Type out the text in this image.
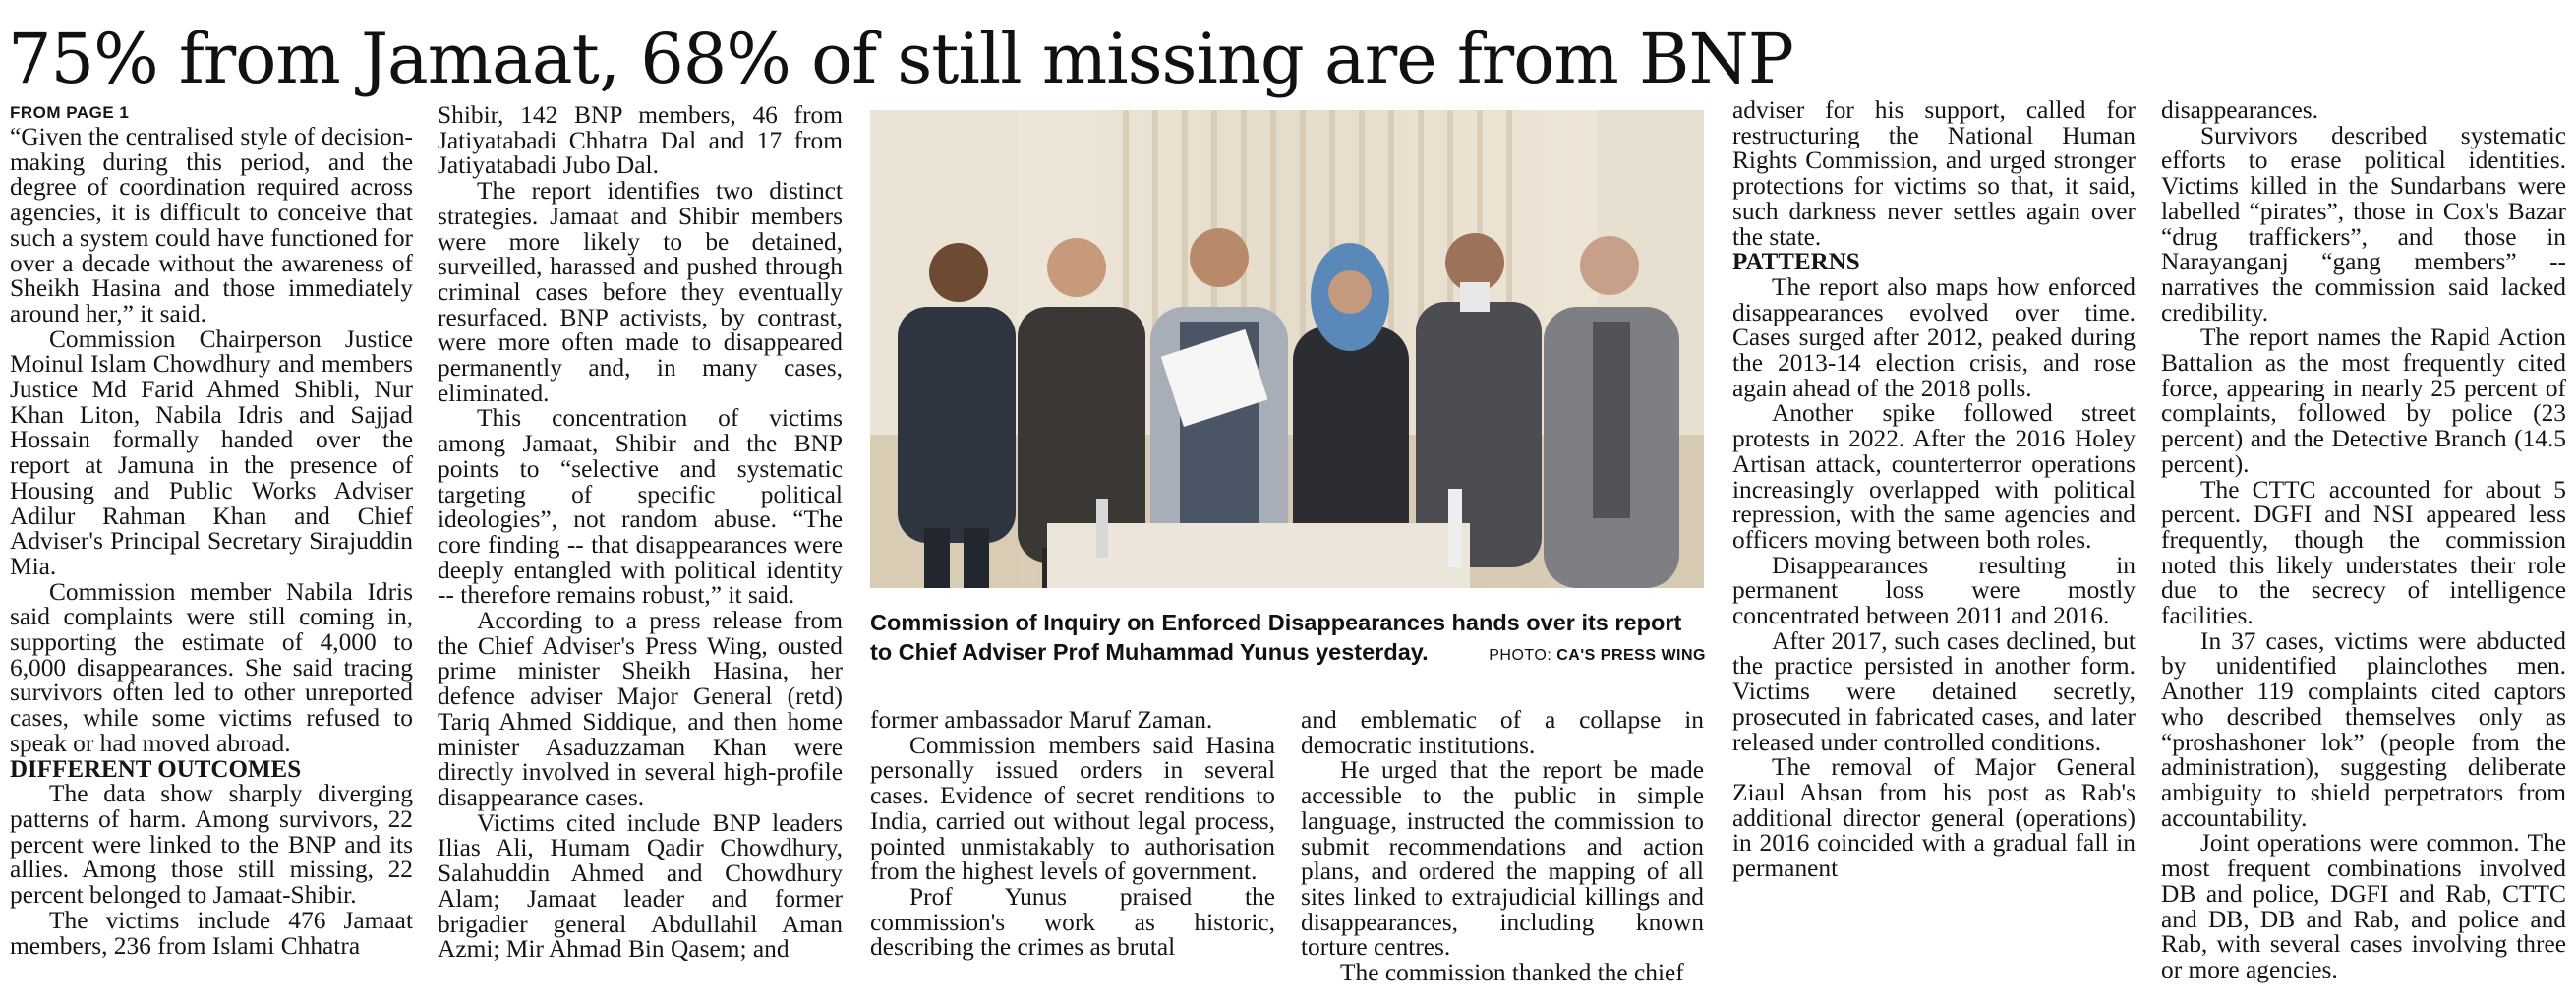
75% from Jamaat, 68% of still missing are from BNP
FROM PAGE 1

“Given the centralised style of decision-making during this period, and the degree of coordination required across agencies, it is difficult to conceive that such a system could have functioned for over a decade without the awareness of Sheikh Hasina and those immediately around her,” it said.

Commission Chairperson Justice Moinul Islam Chowdhury and members Justice Md Farid Ahmed Shibli, Nur Khan Liton, Nabila Idris and Sajjad Hossain formally handed over the report at Jamuna in the presence of Housing and Public Works Adviser Adilur Rahman Khan and Chief Adviser's Principal Secretary Sirajuddin Mia.

Commission member Nabila Idris said complaints were still coming in, supporting the estimate of 4,000 to 6,000 disappearances. She said tracing survivors often led to other unreported cases, while some victims refused to speak or had moved abroad.

DIFFERENT OUTCOMES

The data show sharply diverging patterns of harm. Among survivors, 22 percent were linked to the BNP and its allies. Among those still missing, 22 percent belonged to Jamaat-Shibir.

The victims include 476 Jamaat members, 236 from Islami Chhatra

Shibir, 142 BNP members, 46 from Jatiyatabadi Chhatra Dal and 17 from Jatiyatabadi Jubo Dal.

The report identifies two distinct strategies. Jamaat and Shibir members were more likely to be detained, surveilled, harassed and pushed through criminal cases before they eventually resurfaced. BNP activists, by contrast, were more often made to disappeared permanently and, in many cases, eliminated.

This concentration of victims among Jamaat, Shibir and the BNP points to “selective and systematic targeting of specific political ideologies”, not random abuse. “The core finding -- that disappearances were deeply entangled with political identity -- therefore remains robust,” it said.

According to a press release from the Chief Adviser's Press Wing, ousted prime minister Sheikh Hasina, her defence adviser Major General (retd) Tariq Ahmed Siddique, and then home minister Asaduzzaman Khan were directly involved in several high-profile disappearance cases.

Victims cited include BNP leaders Ilias Ali, Humam Qadir Chowdhury, Salahuddin Ahmed and Chowdhury Alam; Jamaat leader and former brigadier general Abdullahil Aman Azmi; Mir Ahmad Bin Qasem; and

Commission of Inquiry on Enforced Disappearances hands over its report to Chief Adviser Prof Muhammad Yunus yesterday.	PHOTO: CA'S PRESS WING

former ambassador Maruf Zaman.

Commission members said Hasina personally issued orders in several cases. Evidence of secret renditions to India, carried out without legal process, pointed unmistakably to authorisation from the highest levels of government.

Prof Yunus praised the commission's work as historic, describing the crimes as brutal

and emblematic of a collapse in democratic institutions.

He urged that the report be made accessible to the public in simple language, instructed the commission to submit recommendations and action plans, and ordered the mapping of all sites linked to extrajudicial killings and disappearances, including known torture centres.

The commission thanked the chief

adviser for his support, called for restructuring the National Human Rights Commission, and urged stronger protections for victims so that, it said, such darkness never settles again over the state.

PATTERNS

The report also maps how enforced disappearances evolved over time. Cases surged after 2012, peaked during the 2013-14 election crisis, and rose again ahead of the 2018 polls.

Another spike followed street protests in 2022. After the 2016 Holey Artisan attack, counterterror operations increasingly overlapped with political repression, with the same agencies and officers moving between both roles.

Disappearances resulting in permanent loss were mostly concentrated between 2011 and 2016.

After 2017, such cases declined, but the practice persisted in another form. Victims were detained secretly, prosecuted in fabricated cases, and later released under controlled conditions.

The removal of Major General Ziaul Ahsan from his post as Rab's additional director general (operations) in 2016 coincided with a gradual fall in permanent

disappearances.

Survivors described systematic efforts to erase political identities. Victims killed in the Sundarbans were labelled “pirates”, those in Cox's Bazar “drug traffickers”, and those in Narayanganj “gang members” -- narratives the commission said lacked credibility.

The report names the Rapid Action Battalion as the most frequently cited force, appearing in nearly 25 percent of complaints, followed by police (23 percent) and the Detective Branch (14.5 percent).

The CTTC accounted for about 5 percent. DGFI and NSI appeared less frequently, though the commission noted this likely understates their role due to the secrecy of intelligence facilities.

In 37 cases, victims were abducted by unidentified plainclothes men. Another 119 complaints cited captors who described themselves only as “proshashoner lok” (people from the administration), suggesting deliberate ambiguity to shield perpetrators from accountability.

Joint operations were common. The most frequent combinations involved DB and police, DGFI and Rab, CTTC and DB, DB and Rab, and police and Rab, with several cases involving three or more agencies.
